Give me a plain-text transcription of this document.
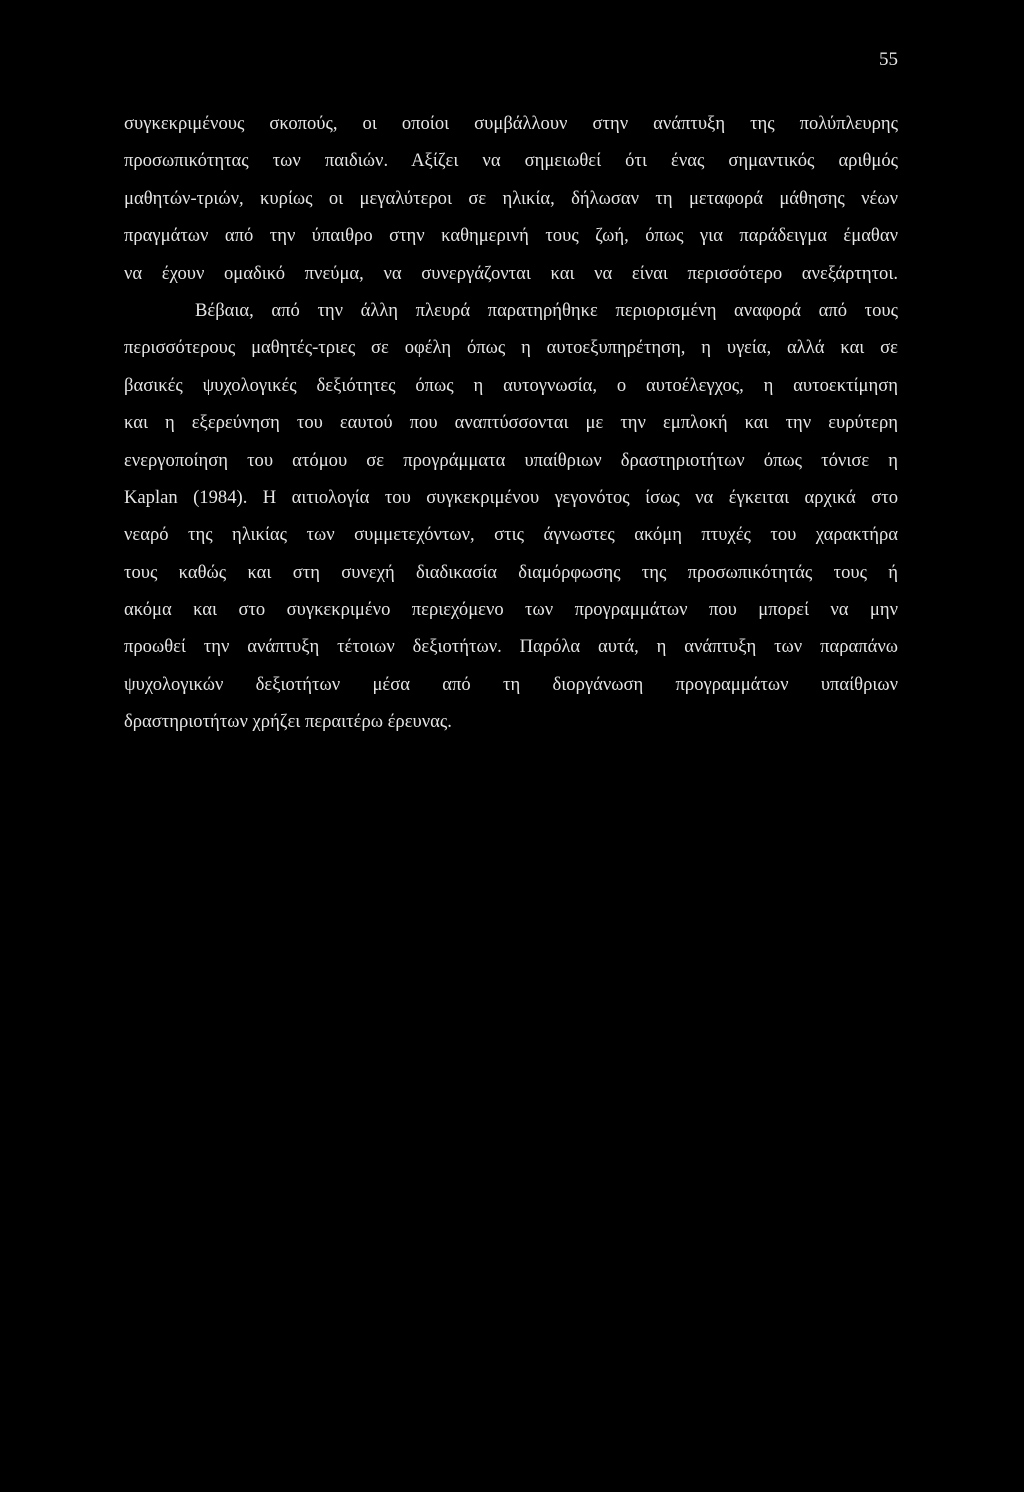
55
συγκεκριμένους σκοπούς, οι οποίοι συμβάλλουν στην ανάπτυξη της πολύπλευρης
προσωπικότητας των παιδιών. Αξίζει να σημειωθεί ότι ένας σημαντικός αριθμός
μαθητών-τριών, κυρίως οι μεγαλύτεροι σε ηλικία, δήλωσαν τη μεταφορά μάθησης νέων
πραγμάτων από την ύπαιθρο στην καθημερινή τους ζωή, όπως για παράδειγμα έμαθαν
να έχουν ομαδικό πνεύμα, να συνεργάζονται και να είναι περισσότερο ανεξάρτητοι.
Βέβαια, από την άλλη πλευρά παρατηρήθηκε περιορισμένη αναφορά από τους
περισσότερους μαθητές-τριες σε οφέλη όπως η αυτοεξυπηρέτηση, η υγεία, αλλά και σε
βασικές ψυχολογικές δεξιότητες όπως η αυτογνωσία, ο αυτοέλεγχος, η αυτοεκτίμηση
και η εξερεύνηση του εαυτού που αναπτύσσονται με την εμπλοκή και την ευρύτερη
ενεργοποίηση του ατόμου σε προγράμματα υπαίθριων δραστηριοτήτων όπως τόνισε η
Kaplan (1984). Η αιτιολογία του συγκεκριμένου γεγονότος ίσως να έγκειται αρχικά στο
νεαρό της ηλικίας των συμμετεχόντων, στις άγνωστες ακόμη πτυχές του χαρακτήρα
τους καθώς και στη συνεχή διαδικασία διαμόρφωσης της προσωπικότητάς τους ή
ακόμα και στο συγκεκριμένο περιεχόμενο των προγραμμάτων που μπορεί να μην
προωθεί την ανάπτυξη τέτοιων δεξιοτήτων. Παρόλα αυτά, η ανάπτυξη των παραπάνω
ψυχολογικών δεξιοτήτων μέσα από τη διοργάνωση προγραμμάτων υπαίθριων
δραστηριοτήτων χρήζει περαιτέρω έρευνας.
